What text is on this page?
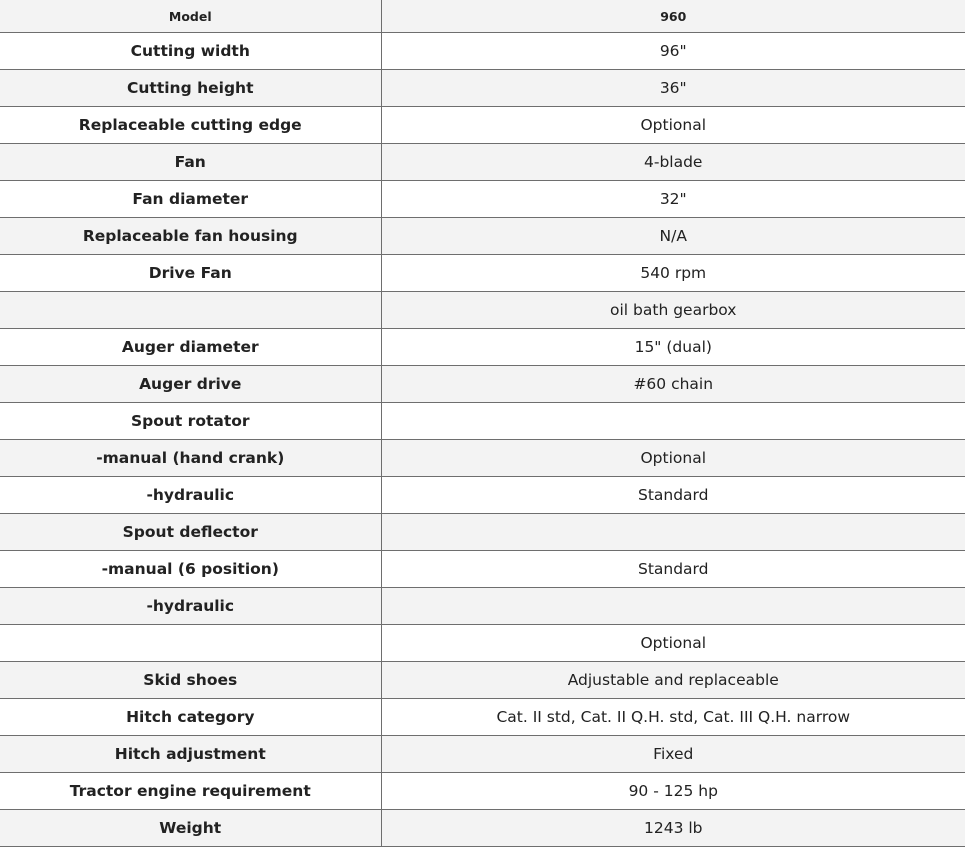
Model	960
Cutting width	96"
Cutting height	36"
Replaceable cutting edge	Optional
Fan	4-blade
Fan diameter	32"
Replaceable fan housing	N/A
Drive Fan	540 rpm
	oil bath gearbox
Auger diameter	15" (dual)
Auger drive	#60 chain
Spout rotator	
-manual (hand crank)	Optional
-hydraulic	Standard
Spout deflector	
-manual (6 position)	Standard
-hydraulic	
	Optional
Skid shoes	Adjustable and replaceable
Hitch category	Cat. II std, Cat. II Q.H. std, Cat. III Q.H. narrow
Hitch adjustment	Fixed
Tractor engine requirement	90 - 125 hp
Weight	1243 lb
